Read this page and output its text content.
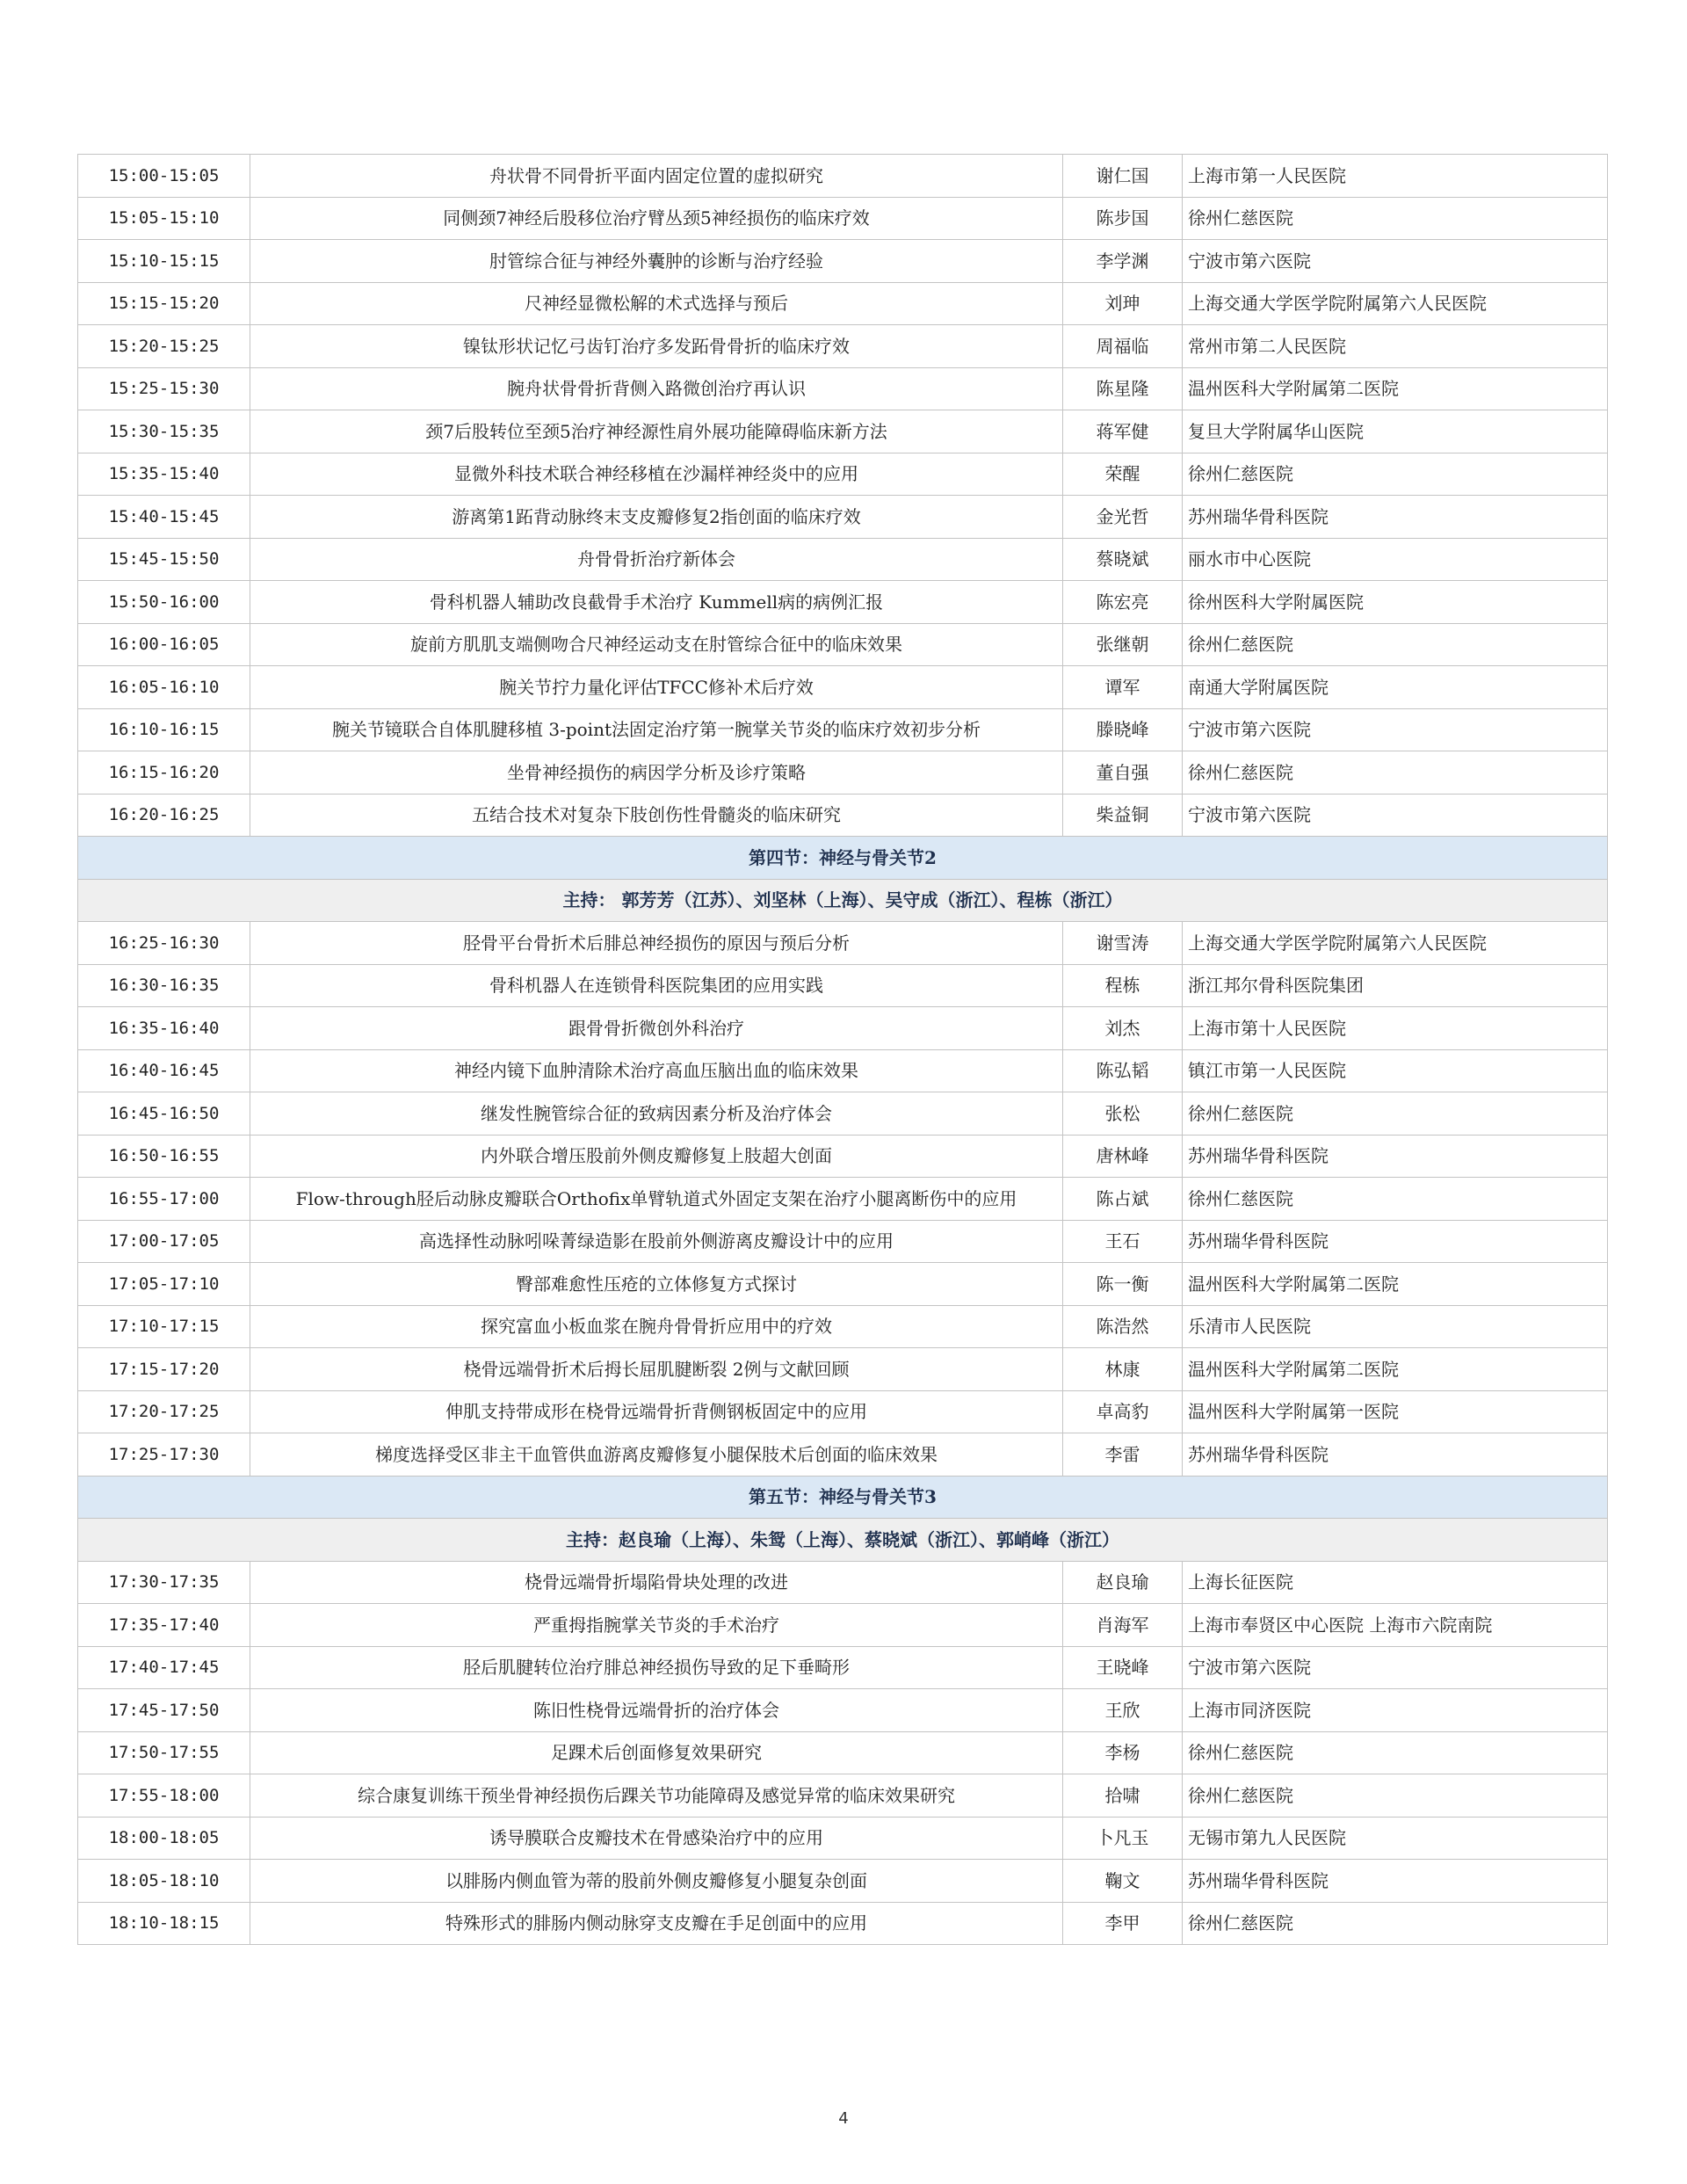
15:00-15:05	舟状骨不同骨折平面内固定位置的虚拟研究	谢仁国	上海市第一人民医院
15:05-15:10	同侧颈7神经后股移位治疗臂丛颈5神经损伤的临床疗效	陈步国	徐州仁慈医院
15:10-15:15	肘管综合征与神经外囊肿的诊断与治疗经验	李学渊	宁波市第六医院
15:15-15:20	尺神经显微松解的术式选择与预后	刘珅	上海交通大学医学院附属第六人民医院
15:20-15:25	镍钛形状记忆弓齿钉治疗多发跖骨骨折的临床疗效	周福临	常州市第二人民医院
15:25-15:30	腕舟状骨骨折背侧入路微创治疗再认识	陈星隆	温州医科大学附属第二医院
15:30-15:35	颈7后股转位至颈5治疗神经源性肩外展功能障碍临床新方法	蒋军健	复旦大学附属华山医院
15:35-15:40	显微外科技术联合神经移植在沙漏样神经炎中的应用	荣醒	徐州仁慈医院
15:40-15:45	游离第1跖背动脉终末支皮瓣修复2指创面的临床疗效	金光哲	苏州瑞华骨科医院
15:45-15:50	舟骨骨折治疗新体会	蔡晓斌	丽水市中心医院
15:50-16:00	骨科机器人辅助改良截骨手术治疗 Kummell病的病例汇报	陈宏亮	徐州医科大学附属医院
16:00-16:05	旋前方肌肌支端侧吻合尺神经运动支在肘管综合征中的临床效果	张继朝	徐州仁慈医院
16:05-16:10	腕关节拧力量化评估TFCC修补术后疗效	谭军	南通大学附属医院
16:10-16:15	腕关节镜联合自体肌腱移植 3-point法固定治疗第一腕掌关节炎的临床疗效初步分析	滕晓峰	宁波市第六医院
16:15-16:20	坐骨神经损伤的病因学分析及诊疗策略	董自强	徐州仁慈医院
16:20-16:25	五结合技术对复杂下肢创伤性骨髓炎的临床研究	柴益铜	宁波市第六医院
第四节：神经与骨关节2			
主持： 郭芳芳（江苏）、刘坚林（上海）、吴守成（浙江）、程栋（浙江）			
16:25-16:30	胫骨平台骨折术后腓总神经损伤的原因与预后分析	谢雪涛	上海交通大学医学院附属第六人民医院
16:30-16:35	骨科机器人在连锁骨科医院集团的应用实践	程栋	浙江邦尔骨科医院集团
16:35-16:40	跟骨骨折微创外科治疗	刘杰	上海市第十人民医院
16:40-16:45	神经内镜下血肿清除术治疗高血压脑出血的临床效果	陈弘韬	镇江市第一人民医院
16:45-16:50	继发性腕管综合征的致病因素分析及治疗体会	张松	徐州仁慈医院
16:50-16:55	内外联合增压股前外侧皮瓣修复上肢超大创面	唐林峰	苏州瑞华骨科医院
16:55-17:00	Flow-through胫后动脉皮瓣联合Orthofix单臂轨道式外固定支架在治疗小腿离断伤中的应用	陈占斌	徐州仁慈医院
17:00-17:05	高选择性动脉吲哚菁绿造影在股前外侧游离皮瓣设计中的应用	王石	苏州瑞华骨科医院
17:05-17:10	臀部难愈性压疮的立体修复方式探讨	陈一衡	温州医科大学附属第二医院
17:10-17:15	探究富血小板血浆在腕舟骨骨折应用中的疗效	陈浩然	乐清市人民医院
17:15-17:20	桡骨远端骨折术后拇长屈肌腱断裂 2例与文献回顾	林康	温州医科大学附属第二医院
17:20-17:25	伸肌支持带成形在桡骨远端骨折背侧钢板固定中的应用	卓高豹	温州医科大学附属第一医院
17:25-17:30	梯度选择受区非主干血管供血游离皮瓣修复小腿保肢术后创面的临床效果	李雷	苏州瑞华骨科医院
第五节：神经与骨关节3			
主持：赵良瑜（上海）、朱鸳（上海）、蔡晓斌（浙江）、郭峭峰（浙江）			
17:30-17:35	桡骨远端骨折塌陷骨块处理的改进	赵良瑜	上海长征医院
17:35-17:40	严重拇指腕掌关节炎的手术治疗	肖海军	上海市奉贤区中心医院 上海市六院南院
17:40-17:45	胫后肌腱转位治疗腓总神经损伤导致的足下垂畸形	王晓峰	宁波市第六医院
17:45-17:50	陈旧性桡骨远端骨折的治疗体会	王欣	上海市同济医院
17:50-17:55	足踝术后创面修复效果研究	李杨	徐州仁慈医院
17:55-18:00	综合康复训练干预坐骨神经损伤后踝关节功能障碍及感觉异常的临床效果研究	拾啸	徐州仁慈医院
18:00-18:05	诱导膜联合皮瓣技术在骨感染治疗中的应用	卜凡玉	无锡市第九人民医院
18:05-18:10	以腓肠内侧血管为蒂的股前外侧皮瓣修复小腿复杂创面	鞠文	苏州瑞华骨科医院
18:10-18:15	特殊形式的腓肠内侧动脉穿支皮瓣在手足创面中的应用	李甲	徐州仁慈医院
4
